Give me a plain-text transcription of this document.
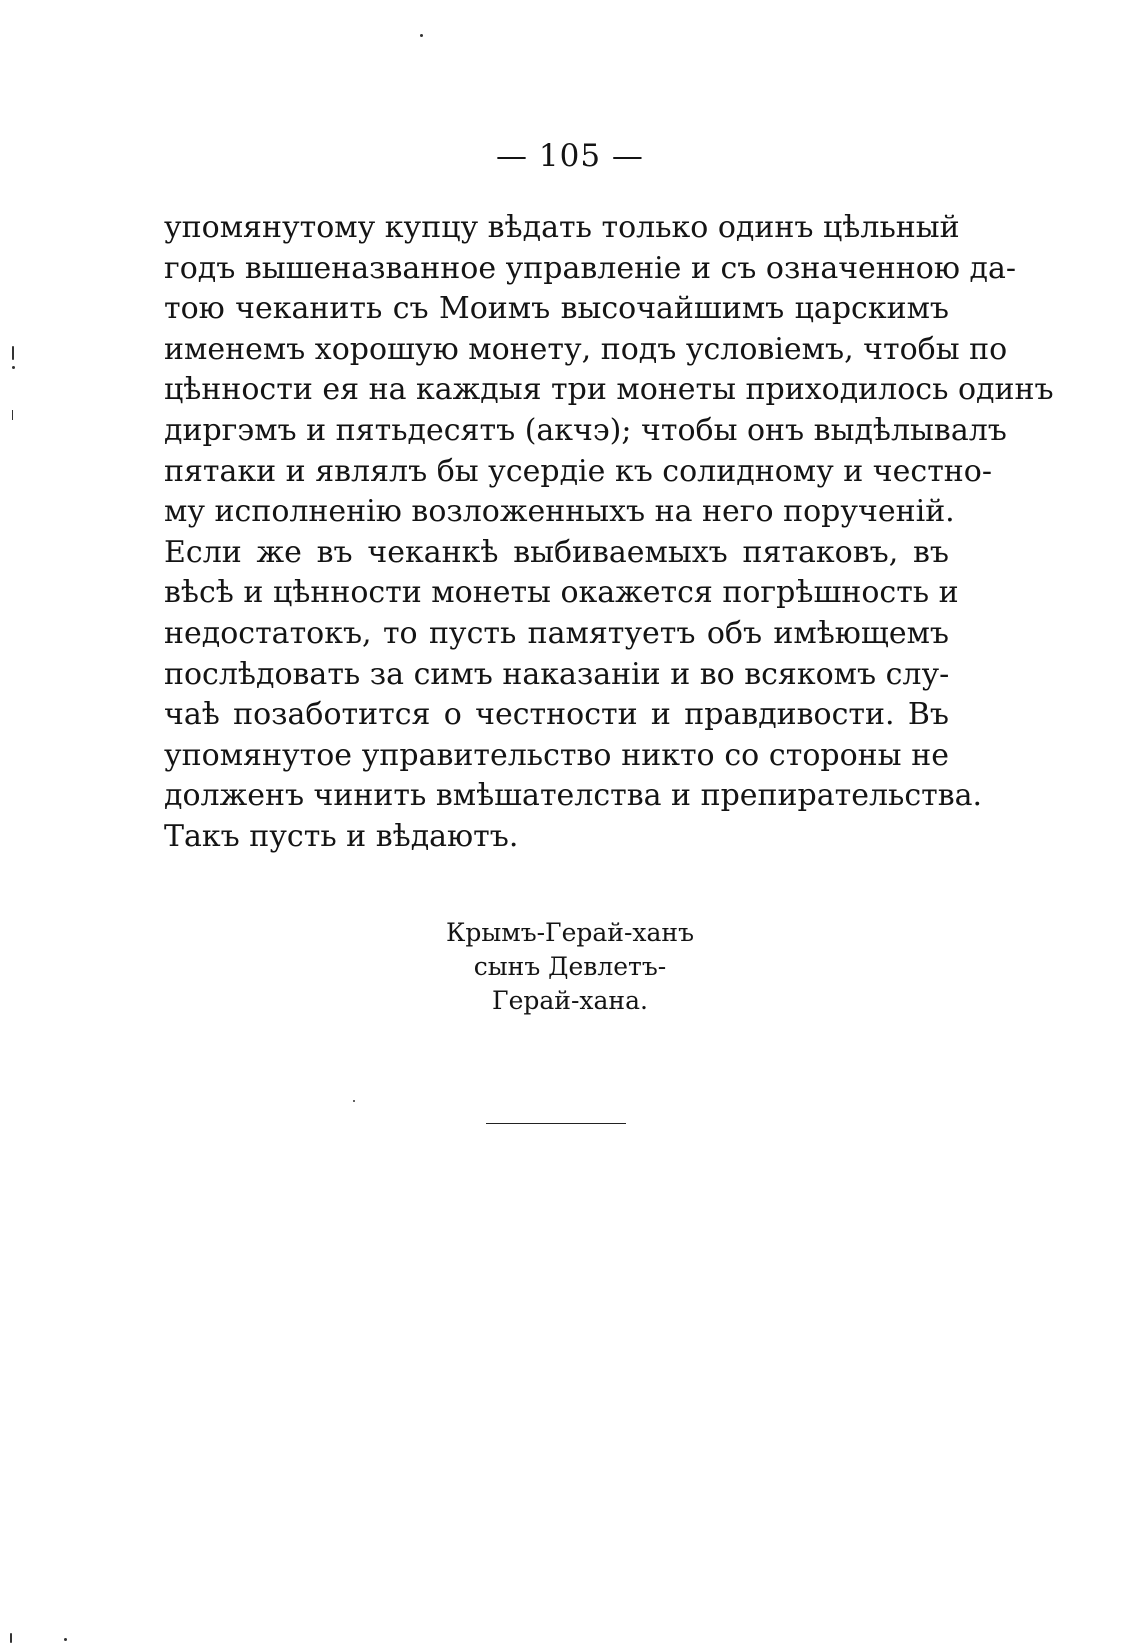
— 105 —
упомянутому купцу вѣдать только одинъ цѣльный
годъ вышеназванное управленіе и съ означенною да-
тою чеканить съ Моимъ высочайшимъ царскимъ
именемъ хорошую монету, подъ условіемъ, чтобы по
цѣнности ея на каждыя три монеты приходилось одинъ
диргэмъ и пятьдесятъ (акчэ); чтобы онъ выдѣлывалъ
пятаки и являлъ бы усердіе къ солидному и честно-
му исполненію возложенныхъ на него порученій.
Если же въ чеканкѣ выбиваемыхъ пятаковъ, въ
вѣсѣ и цѣнности монеты окажется погрѣшность и
недостатокъ, то пусть памятуетъ объ имѣющемъ
послѣдовать за симъ наказаніи и во всякомъ слу-
чаѣ позаботится о честности и правдивости. Въ
упомянутое управительство никто со стороны не
долженъ чинить вмѣшателства и препирательства.
Такъ пусть и вѣдаютъ.
Крымъ-Герай-ханъ
сынъ Девлетъ-
Герай-хана.
